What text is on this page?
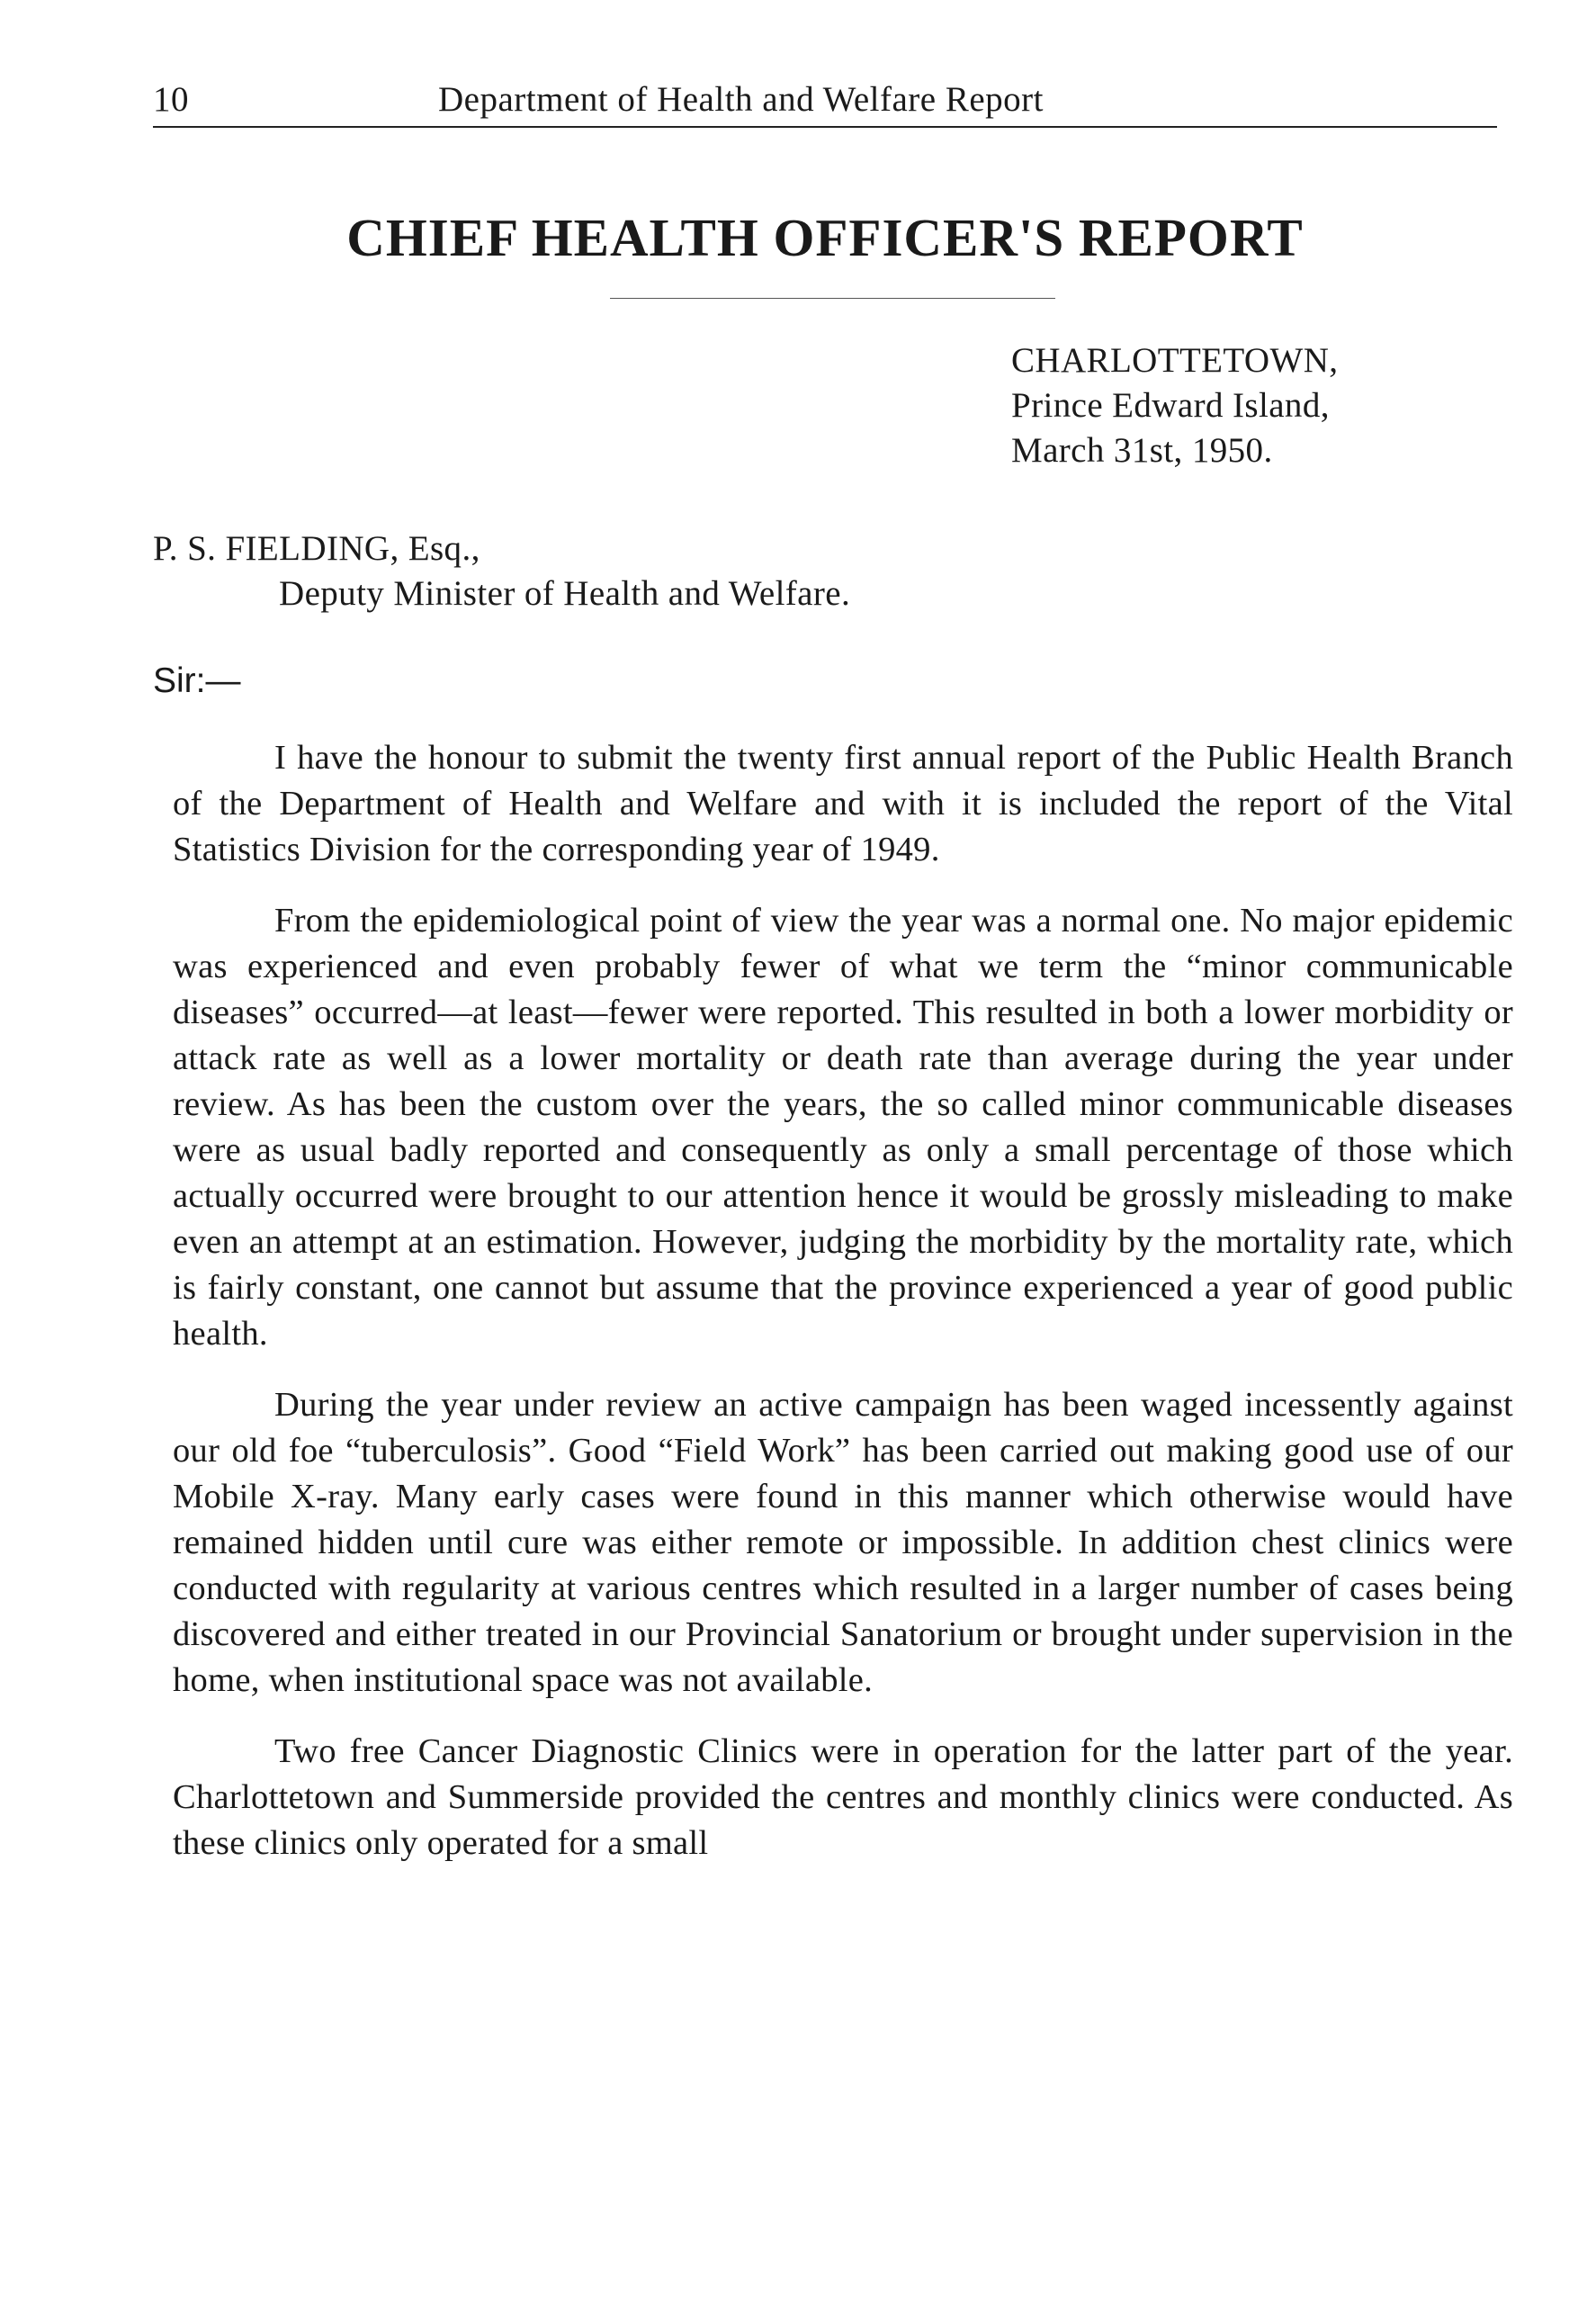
10	Department of Health and Welfare Report
CHIEF HEALTH OFFICER'S REPORT
CHARLOTTETOWN,
Prince Edward Island,
March 31st, 1950.
P. S. FIELDING, Esq.,
Deputy Minister of Health and Welfare.
Sir:—

I have the honour to submit the twenty first annual report of the Public Health Branch of the Department of Health and Welfare and with it is included the report of the Vital Statistics Division for the corresponding year of 1949.

From the epidemiological point of view the year was a normal one. No major epidemic was experienced and even probably fewer of what we term the “minor communicable diseases” occurred—at least—fewer were reported. This resulted in both a lower morbidity or attack rate as well as a lower mortality or death rate than average during the year under review. As has been the custom over the years, the so called minor communicable diseases were as usual badly reported and consequently as only a small percentage of those which actually occurred were brought to our attention hence it would be grossly misleading to make even an attempt at an estimation. However, judging the morbidity by the mortality rate, which is fairly constant, one cannot but assume that the province experienced a year of good public health.

During the year under review an active campaign has been waged incessently against our old foe “tuberculosis”. Good “Field Work” has been carried out making good use of our Mobile X-ray. Many early cases were found in this manner which otherwise would have remained hidden until cure was either remote or impossible. In addition chest clinics were conducted with regularity at various centres which resulted in a larger number of cases being discovered and either treated in our Provincial Sanatorium or brought under supervision in the home, when institutional space was not available.

Two free Cancer Diagnostic Clinics were in operation for the latter part of the year. Charlottetown and Summerside provided the centres and monthly clinics were conducted. As these clinics only operated for a small
